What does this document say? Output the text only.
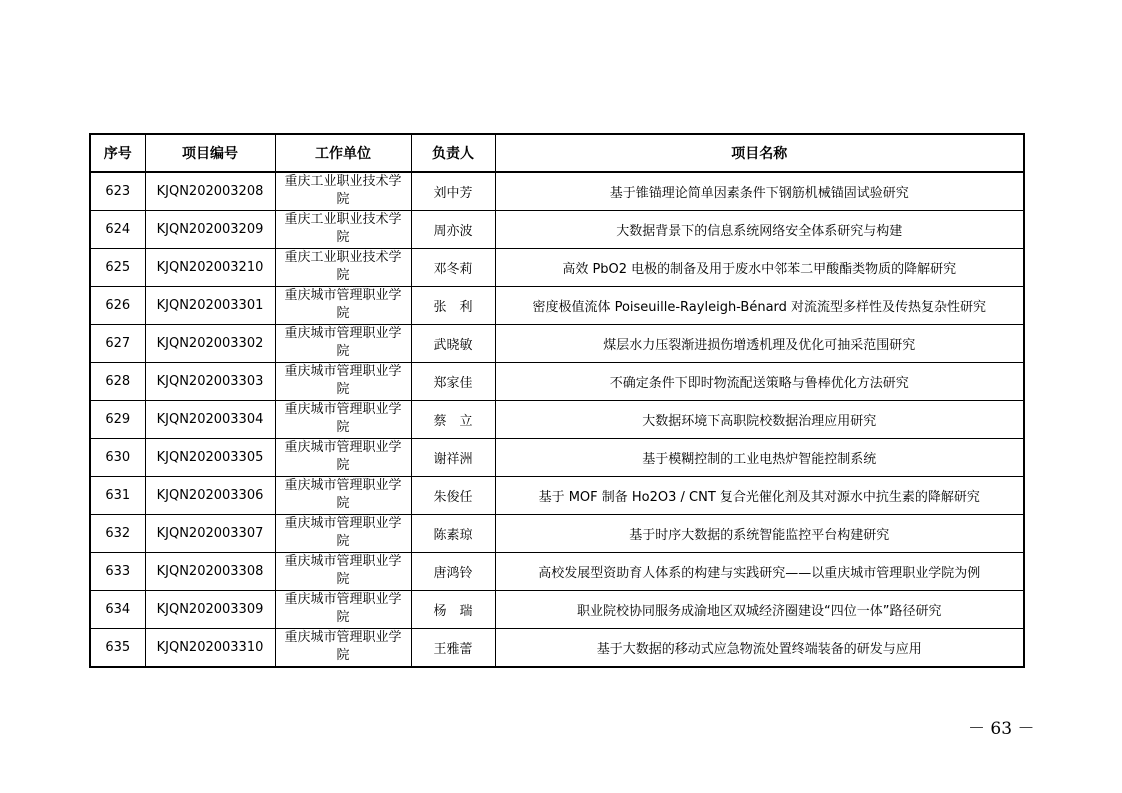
序号	项目编号	工作单位	负责人	项目名称
623	KJQN202003208	重庆工业职业技术学院	刘中芳	基于锥锚理论简单因素条件下钢筋机械锚固试验研究
624	KJQN202003209	重庆工业职业技术学院	周亦波	大数据背景下的信息系统网络安全体系研究与构建
625	KJQN202003210	重庆工业职业技术学院	邓冬莉	高效 PbO2 电极的制备及用于废水中邻苯二甲酸酯类物质的降解研究
626	KJQN202003301	重庆城市管理职业学院	张　利	密度极值流体 Poiseuille-Rayleigh-Bénard 对流流型多样性及传热复杂性研究
627	KJQN202003302	重庆城市管理职业学院	武晓敏	煤层水力压裂渐进损伤增透机理及优化可抽采范围研究
628	KJQN202003303	重庆城市管理职业学院	郑家佳	不确定条件下即时物流配送策略与鲁棒优化方法研究
629	KJQN202003304	重庆城市管理职业学院	蔡　立	大数据环境下高职院校数据治理应用研究
630	KJQN202003305	重庆城市管理职业学院	谢祥洲	基于模糊控制的工业电热炉智能控制系统
631	KJQN202003306	重庆城市管理职业学院	朱俊任	基于 MOF 制备 Ho2O3 / CNT 复合光催化剂及其对源水中抗生素的降解研究
632	KJQN202003307	重庆城市管理职业学院	陈素琼	基于时序大数据的系统智能监控平台构建研究
633	KJQN202003308	重庆城市管理职业学院	唐鸿铃	高校发展型资助育人体系的构建与实践研究——以重庆城市管理职业学院为例
634	KJQN202003309	重庆城市管理职业学院	杨　瑞	职业院校协同服务成渝地区双城经济圈建设“四位一体”路径研究
635	KJQN202003310	重庆城市管理职业学院	王雅蕾	基于大数据的移动式应急物流处置终端装备的研发与应用
－ 63 －
